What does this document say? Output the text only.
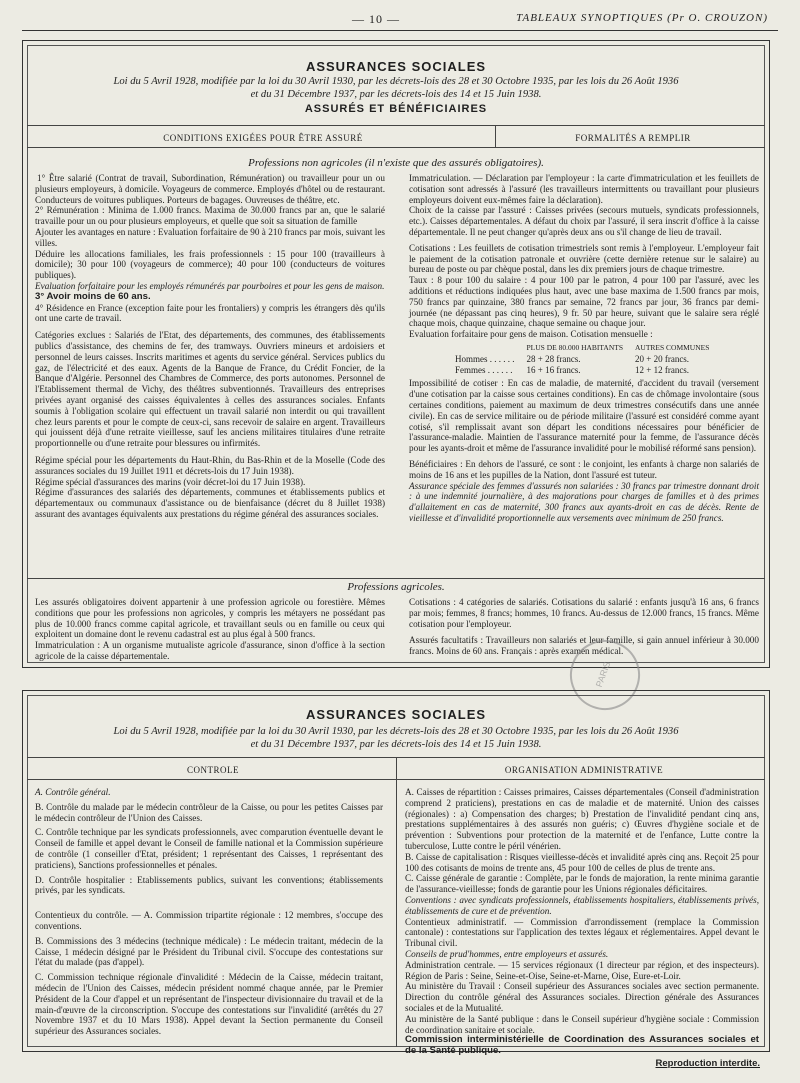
— 10 —	TABLEAUX SYNOPTIQUES (Pr O. CROUZON)
ASSURANCES SOCIALES
Loi du 5 Avril 1928, modifiée par la loi du 30 Avril 1930, par les décrets-lois des 28 et 30 Octobre 1935, par les lois du 26 Août 1936
et du 31 Décembre 1937, par les décrets-lois des 14 et 15 Juin 1938.
ASSURÉS ET BÉNÉFICIAIRES
CONDITIONS EXIGÉES POUR ÊTRE ASSURÉ	FORMALITÉS A REMPLIR
Professions non agricoles (il n'existe que des assurés obligatoires).

1° Être salarié (Contrat de travail, Subordination, Rémunération) ou travailleur pour un ou plusieurs employeurs, à domicile. Voyageurs de commerce. Employés d'hôtel ou de restaurant. Conducteurs de voitures publiques. Porteurs de bagages. Ouvreuses de théâtre, etc.

2° Rémunération : Minima de 1.000 francs. Maxima de 30.000 francs par an, que le salarié travaille pour un ou pour plusieurs employeurs, et quelle que soit sa situation de famille

Ajouter les avantages en nature : Evaluation forfaitaire de 90 à 210 francs par mois, suivant les villes.

Déduire les allocations familiales, les frais professionnels : 15 pour 100 (travailleurs à domicile); 30 pour 100 (voyageurs de commerce); 40 pour 100 (conducteurs de voitures publiques).

Evaluation forfaitaire pour les employés rémunérés par pourboires et pour les gens de maison.

3° Avoir moins de 60 ans.

4° Résidence en France (exception faite pour les frontaliers) y compris les étrangers dès qu'ils ont une carte de travail.

Catégories exclues : Salariés de l'Etat, des départements, des communes, des établissements publics d'assistance, des chemins de fer, des tramways. Ouvriers mineurs et ardoisiers et personnel de leurs caisses. Inscrits maritimes et agents du service général. Services publics du gaz, de l'électricité et des eaux. Agents de la Banque de France, du Crédit Foncier, de la Banque d'Algérie. Personnel des Chambres de Commerce, des ports autonomes. Personnel de l'Etablissement thermal de Vichy, des théâtres subventionnés. Travailleurs des entreprises privées ayant organisé des caisses équivalentes à celles des assurances sociales. Enfants soumis à l'obligation scolaire qui effectuent un travail salarié non interdit ou qui travaillent chez leurs parents et pour le compte de ceux-ci, sans recevoir de salaire en argent. Travailleurs qui jouissent déjà d'une retraite vieillesse, sauf les anciens militaires titulaires d'une retraite proportionnelle ou d'une retraite pour blessures ou infirmités.

Régime spécial pour les départements du Haut-Rhin, du Bas-Rhin et de la Moselle (Code des assurances sociales du 19 Juillet 1911 et décrets-lois du 17 Juin 1938).

Régime spécial d'assurances des marins (voir décret-loi du 17 Juin 1938).

Régime d'assurances des salariés des départements, communes et établissements publics et départementaux ou communaux d'assistance ou de bienfaisance (décret du 8 Juillet 1938) assurant des avantages équivalents aux prestations du régime général des assurances sociales.

Immatriculation. — Déclaration par l'employeur : la carte d'immatriculation et les feuillets de cotisation sont adressés à l'assuré (les travailleurs intermittents ou travaillant pour plusieurs employeurs doivent eux-mêmes faire la déclaration).

Choix de la caisse par l'assuré : Caisses privées (secours mutuels, syndicats professionnels, etc.). Caisses départementales. A défaut du choix par l'assuré, il sera inscrit d'office à la caisse départementale. Il ne peut changer qu'après deux ans ou s'il change de lieu de travail.

Cotisations : Les feuillets de cotisation trimestriels sont remis à l'employeur. L'employeur fait le paiement de la cotisation patronale et ouvrière (cette dernière retenue sur le salaire) au bureau de poste ou par chèque postal, dans les dix premiers jours de chaque trimestre.

Taux : 8 pour 100 du salaire : 4 pour 100 par le patron, 4 pour 100 par l'assuré, avec les additions et réductions indiquées plus haut, avec une base maxima de 1.500 francs par mois, 750 francs par quinzaine, 380 francs par semaine, 72 francs par jour, 36 francs par demi-journée (ne dépassant pas cinq heures), 9 fr. 50 par heure, suivant que le salaire sera réglé chaque mois, chaque quinzaine, chaque semaine ou chaque jour.

Evaluation forfaitaire pour gens de maison. Cotisation mensuelle :

	PLUS DE 80.000 HABITANTS	AUTRES COMMUNES
Hommes . . . . . .	28 + 28 francs.	20 + 20 francs.
Femmes . . . . . .	16 + 16 francs.	12 + 12 francs.

Impossibilité de cotiser : En cas de maladie, de maternité, d'accident du travail (versement d'une cotisation par la caisse sous certaines conditions). En cas de chômage involontaire (sous certaines conditions, paiement au maximum de deux trimestres consécutifs dans une année civile). En cas de service militaire ou de période militaire (l'assuré est considéré comme ayant cotisé, s'il remplissait avant son départ les conditions nécessaires pour bénéficier de l'assurance-maladie. Maintien de l'assurance maternité pour la femme, de l'assurance décès pour les ayants-droit et même de l'assurance invalidité pour le mobilisé réformé sans pension).

Bénéficiaires : En dehors de l'assuré, ce sont : le conjoint, les enfants à charge non salariés de moins de 16 ans et les pupilles de la Nation, dont l'assuré est tuteur.

Assurance spéciale des femmes d'assurés non salariées : 30 francs par trimestre donnant droit : à une indemnité journalière, à des majorations pour charges de familles et à des primes d'allaitement en cas de maternité, 300 francs aux ayants-droit en cas de décès. Rente de vieillesse et d'invalidité proportionnelle aux versements avec minimum de 250 francs.

Professions agricoles.

Les assurés obligatoires doivent appartenir à une profession agricole ou forestière. Mêmes conditions que pour les professions non agricoles, y compris les métayers ne possédant pas plus de 10.000 francs comme capital agricole, et travaillant seuls ou en famille ou ceux qui exploitent un domaine dont le revenu cadastral est au plus égal à 500 francs.

Immatriculation : A un organisme mutualiste agricole d'assurance, sinon d'office à la section agricole de la caisse départementale.

Cotisations : 4 catégories de salariés. Cotisations du salarié : enfants jusqu'à 16 ans, 6 francs par mois; femmes, 8 francs; hommes, 10 francs. Au-dessus de 12.000 francs, 15 francs. Même cotisation pour l'employeur.

Assurés facultatifs : Travailleurs non salariés et leur famille, si gain annuel inférieur à 30.000 francs. Moins de 60 ans. Français : après examen médical.

PARIS
ASSURANCES SOCIALES
Loi du 5 Avril 1928, modifiée par la loi du 30 Avril 1930, par les décrets-lois des 28 et 30 Octobre 1935, par les lois du 26 Août 1936
et du 31 Décembre 1937, par les décrets-lois des 14 et 15 Juin 1938.
CONTROLE	ORGANISATION ADMINISTRATIVE

A. Contrôle général.

B. Contrôle du malade par le médecin contrôleur de la Caisse, ou pour les petites Caisses par le médecin contrôleur de l'Union des Caisses.

C. Contrôle technique par les syndicats professionnels, avec comparution éventuelle devant le Conseil de famille et appel devant le Conseil de famille national et la Commission supérieure de contrôle (1 conseiller d'Etat, président; 1 représentant des Caisses, 1 représentant des praticiens), Sanctions professionnelles et pénales.

D. Contrôle hospitalier : Etablissements publics, suivant les conventions; établissements privés, par les syndicats.

Contentieux du contrôle. — A. Commission tripartite régionale : 12 membres, s'occupe des conventions.

B. Commissions des 3 médecins (technique médicale) : Le médecin traitant, médecin de la Caisse, 1 médecin désigné par le Président du Tribunal civil. S'occupe des contestations sur l'état du malade (pas d'appel).

C. Commission technique régionale d'invalidité : Médecin de la Caisse, médecin traitant, médecin de l'Union des Caisses, médecin président nommé chaque année, par le Premier Président de la Cour d'appel et un représentant de l'inspecteur divisionnaire du travail et de la main-d'œuvre de la circonscription. S'occupe des contestations sur l'invalidité (arrêtés du 27 Novembre 1937 et du 10 Mars 1938). Appel devant la Section permanente du Conseil supérieur des Assurances sociales.

A. Caisses de répartition : Caisses primaires, Caisses départementales (Conseil d'administration comprend 2 praticiens), prestations en cas de maladie et de maternité. Union des caisses (régionales) : a) Compensation des charges; b) Prestation de l'invalidité pendant cinq ans, prestations supplémentaires à des assurés non guéris; c) Œuvres d'hygiène sociale et de prévention : Subventions pour protection de la maternité et de l'enfance, Lutte contre la tuberculose, Lutte contre le péril vénérien.

B. Caisse de capitalisation : Risques vieillesse-décès et invalidité après cinq ans. Reçoit 25 pour 100 des cotisants de moins de trente ans, 45 pour 100 de celles de plus de trente ans.

C. Caisse générale de garantie : Complète, par le fonds de majoration, la rente minima garantie de l'assurance-vieillesse; fonds de garantie pour les Unions régionales déficitaires.

Conventions : avec syndicats professionnels, établissements hospitaliers, établissements privés, établissements de cure et de prévention.

Contentieux administratif. — Commission d'arrondissement (remplace la Commission cantonale) : contestations sur l'application des textes légaux et réglementaires. Appel devant le Tribunal civil.

Conseils de prud'hommes, entre employeurs et assurés.

Administration centrale. — 15 services régionaux (1 directeur par région, et des inspecteurs). Région de Paris : Seine, Seine-et-Oise, Seine-et-Marne, Oise, Eure-et-Loir.

Au ministère du Travail : Conseil supérieur des Assurances sociales avec section permanente. Direction du contrôle général des Assurances sociales. Direction générale des Assurances sociales et de la Mutualité.

Au ministère de la Santé publique : dans le Conseil supérieur d'hygiène sociale : Commission de coordination sanitaire et sociale.

Commission interministérielle de Coordination des Assurances sociales et de la Santé publique.

Reproduction interdite.
